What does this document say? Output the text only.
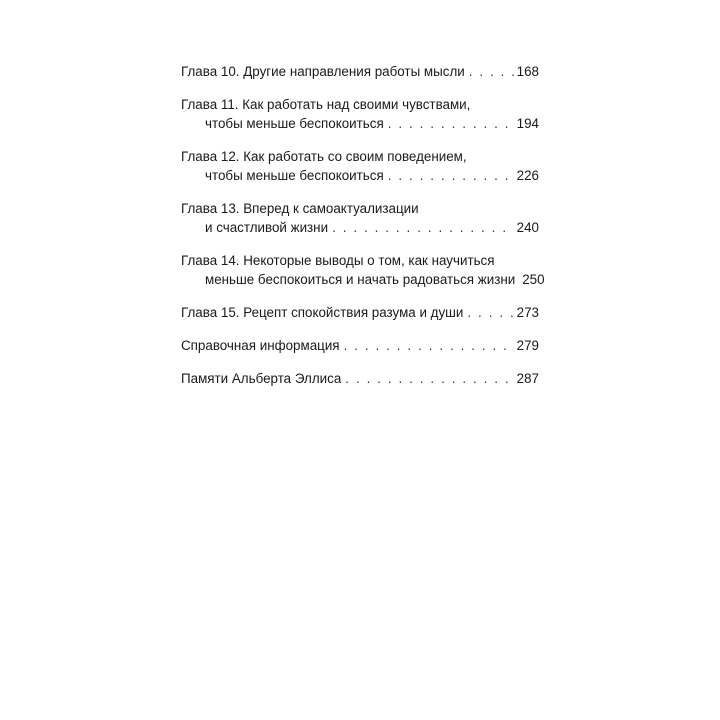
Глава 10. Другие направления работы мысли . . .	168
Глава 11. Как работать над своими чувствами,
чтобы меньше беспокоиться . . .	194
Глава 12. Как работать со своим поведением,
чтобы меньше беспокоиться . . .	226
Глава 13. Вперед к самоактуализации
и счастливой жизни . . .	240
Глава 14. Некоторые выводы о том, как научиться
меньше беспокоиться и начать радоваться жизни 250
Глава 15. Рецепт спокойствия разума и души . . .	273
Справочная информация . . .	279
Памяти Альберта Эллиса . . .	287
